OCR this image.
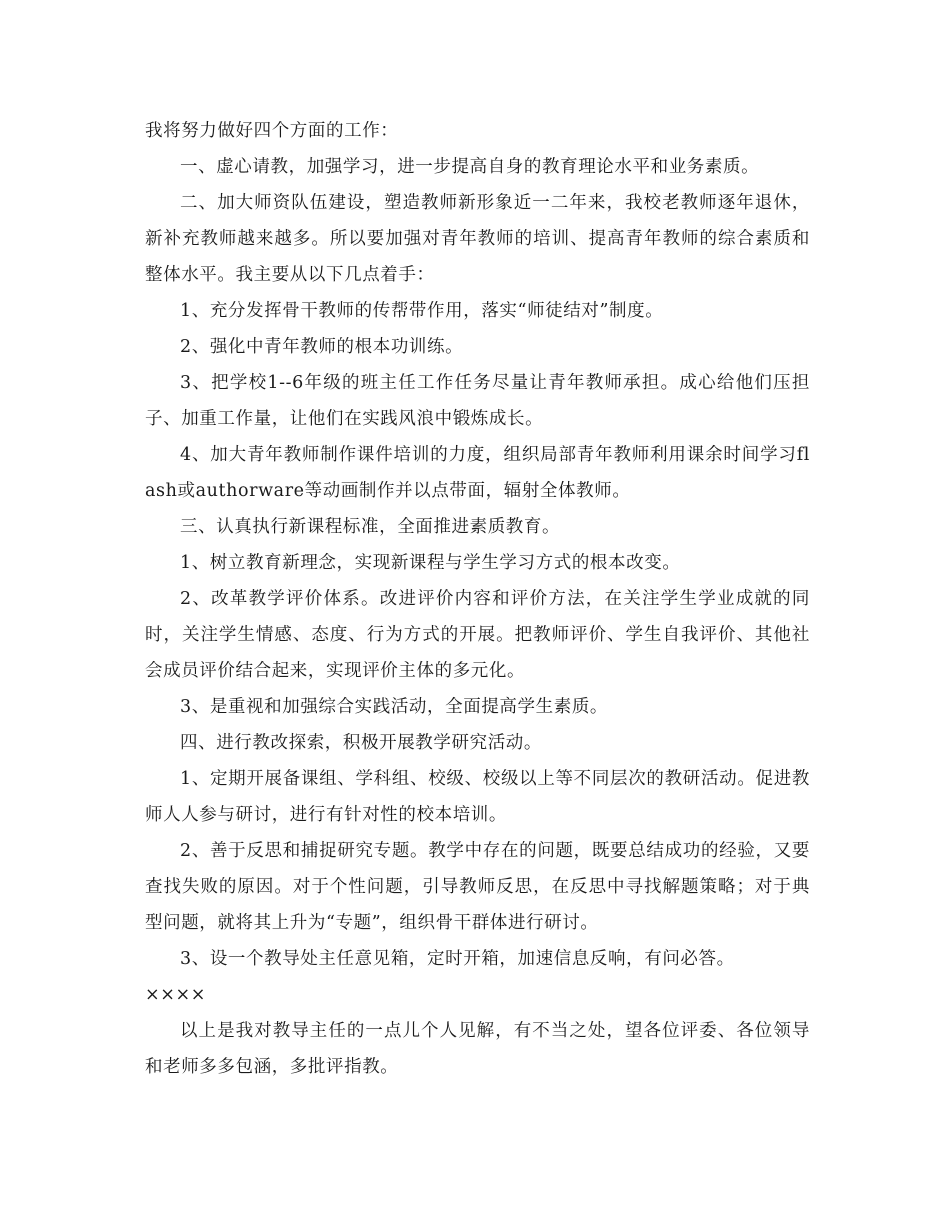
我将努力做好四个方面的工作：

一、虚心请教，加强学习，进一步提高自身的教育理论水平和业务素质。

二、加大师资队伍建设，塑造教师新形象近一二年来，我校老教师逐年退休，新补充教师越来越多。所以要加强对青年教师的培训、提高青年教师的综合素质和整体水平。我主要从以下几点着手：

1、充分发挥骨干教师的传帮带作用，落实“师徒结对”制度。

2、强化中青年教师的根本功训练。

3、把学校1--6年级的班主任工作任务尽量让青年教师承担。成心给他们压担子、加重工作量，让他们在实践风浪中锻炼成长。

4、加大青年教师制作课件培训的力度，组织局部青年教师利用课余时间学习flash或authorware等动画制作并以点带面，辐射全体教师。

三、认真执行新课程标准，全面推进素质教育。

1、树立教育新理念，实现新课程与学生学习方式的根本改变。

2、改革教学评价体系。改进评价内容和评价方法，在关注学生学业成就的同时，关注学生情感、态度、行为方式的开展。把教师评价、学生自我评价、其他社会成员评价结合起来，实现评价主体的多元化。

3、是重视和加强综合实践活动，全面提高学生素质。

四、进行教改探索，积极开展教学研究活动。

1、定期开展备课组、学科组、校级、校级以上等不同层次的教研活动。促进教师人人参与研讨，进行有针对性的校本培训。

2、善于反思和捕捉研究专题。教学中存在的问题，既要总结成功的经验，又要查找失败的原因。对于个性问题，引导教师反思，在反思中寻找解题策略；对于典型问题，就将其上升为“专题”，组织骨干群体进行研讨。

3、设一个教导处主任意见箱，定时开箱，加速信息反响，有问必答。

××××

以上是我对教导主任的一点儿个人见解，有不当之处，望各位评委、各位领导和老师多多包涵，多批评指教。
